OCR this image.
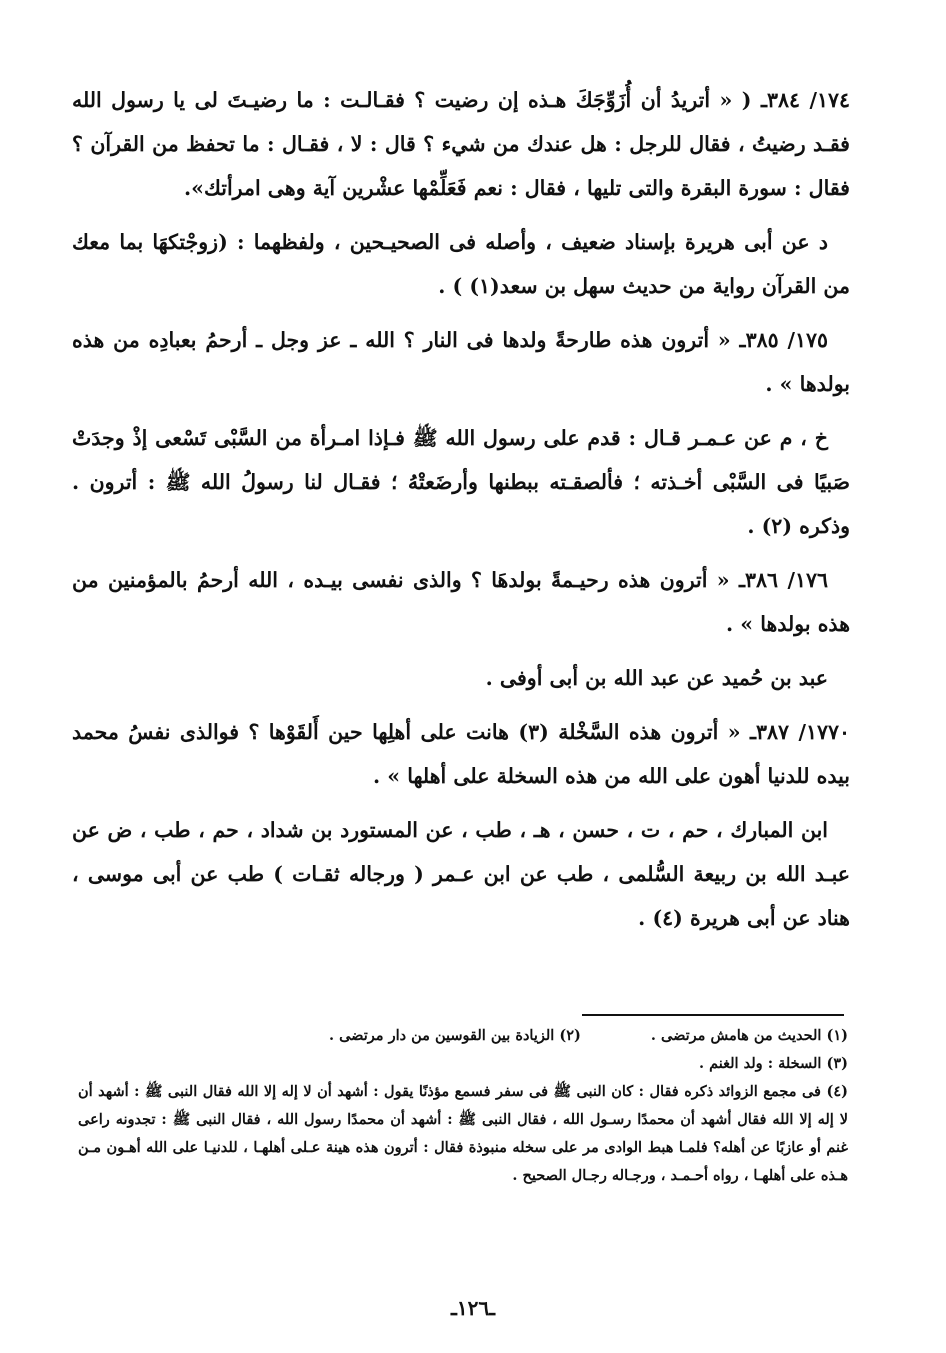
١٧٤/ ٣٨٤ـ ( « أتريدُ أن أُزَوِّجَكَ هـذه إن رضيت ؟ فقـالـت : ما رضيـتَ لى يا رسول الله فقـد رضيتُ ، فقال للرجل : هل عندك من شيء ؟ قال : لا ، فقـال : ما تحفظ من القرآن ؟ فقال : سورة البقرة والتى تليها ، فقال : نعم فَعَلِّمْها عشْرين آية وهى امرأتك».

د عن أبى هريرة بإسناد ضعيف ، وأصله فى الصحيـحين ، ولفظهما : (زوجْتكهَا بما معك من القرآن رواية من حديث سهل بن سعد(١) ) .

١٧٥/ ٣٨٥ـ « أترون هذه طارحةً ولدها فى النار ؟ الله ـ عز وجل ـ أرحمُ بعبادِه من هذه بولدها » .

خ ، م عن عـمـر قـال : قدم على رسول الله ﷺ فـإذا امـرأة من السَّبْى تَسْعى إذْ وجدَتْ صَبيًا فى السَّبْى أخـذته ؛ فألصقـته ببطنها وأرضَعتْهُ ؛ فقـال لنا رسولُ الله ﷺ : أترون . وذكره (٢) .

١٧٦/ ٣٨٦ـ « أترون هذه رحيـمةً بولدهَا ؟ والذى نفسى بيـده ، الله أرحمُ بالمؤمنين من هذه بولدها » .

عبد بن حُميد عن عبد الله بن أبى أوفى .

١٧٧٠/ ٣٨٧ـ « أترون هذه السَّخْلة (٣) هانت على أهلِها حين أَلقَوْها ؟ فوالذى نفسُ محمد بيده للدنيا أهون على الله من هذه السخلة على أهلها » .

ابن المبارك ، حم ، ت ، حسن ، هـ ، طب ، عن المستورد بن شداد ، حم ، طب ، ض عن عبـد الله بن ربيعة السُّلمى ، طب عن ابن عـمر ( ورجاله ثقـات ) طب عن أبى موسى ، هناد عن أبى هريرة (٤) .

(١) الحديث من هامش مرتضى .
(٢) الزيادة بين القوسين من دار مرتضى .
(٣) السخلة : ولد الغنم .
(٤) فى مجمع الزوائد ذكره فقال : كان النبى ﷺ فى سفر فسمع مؤذنًا يقول : أشهد أن لا إله إلا الله فقال النبى ﷺ : أشهد أن لا إله إلا الله فقال أشهد أن محمدًا رسـول الله ، فقال النبى ﷺ : أشهد أن محمدًا رسول الله ، فقال النبى ﷺ : تجدونه راعى غنم أو عازبًا عن أهله؟ فلمـا هبط الوادى مر على سخله منبوذة فقال : أترون هذه هينة عـلى أهلهـا ، للدنيـا على الله أهـون مـن هـذه على أهلهـا ، رواه أحـمـد ، ورجـاله رجـال الصحيح .
ـ١٢٦ـ
